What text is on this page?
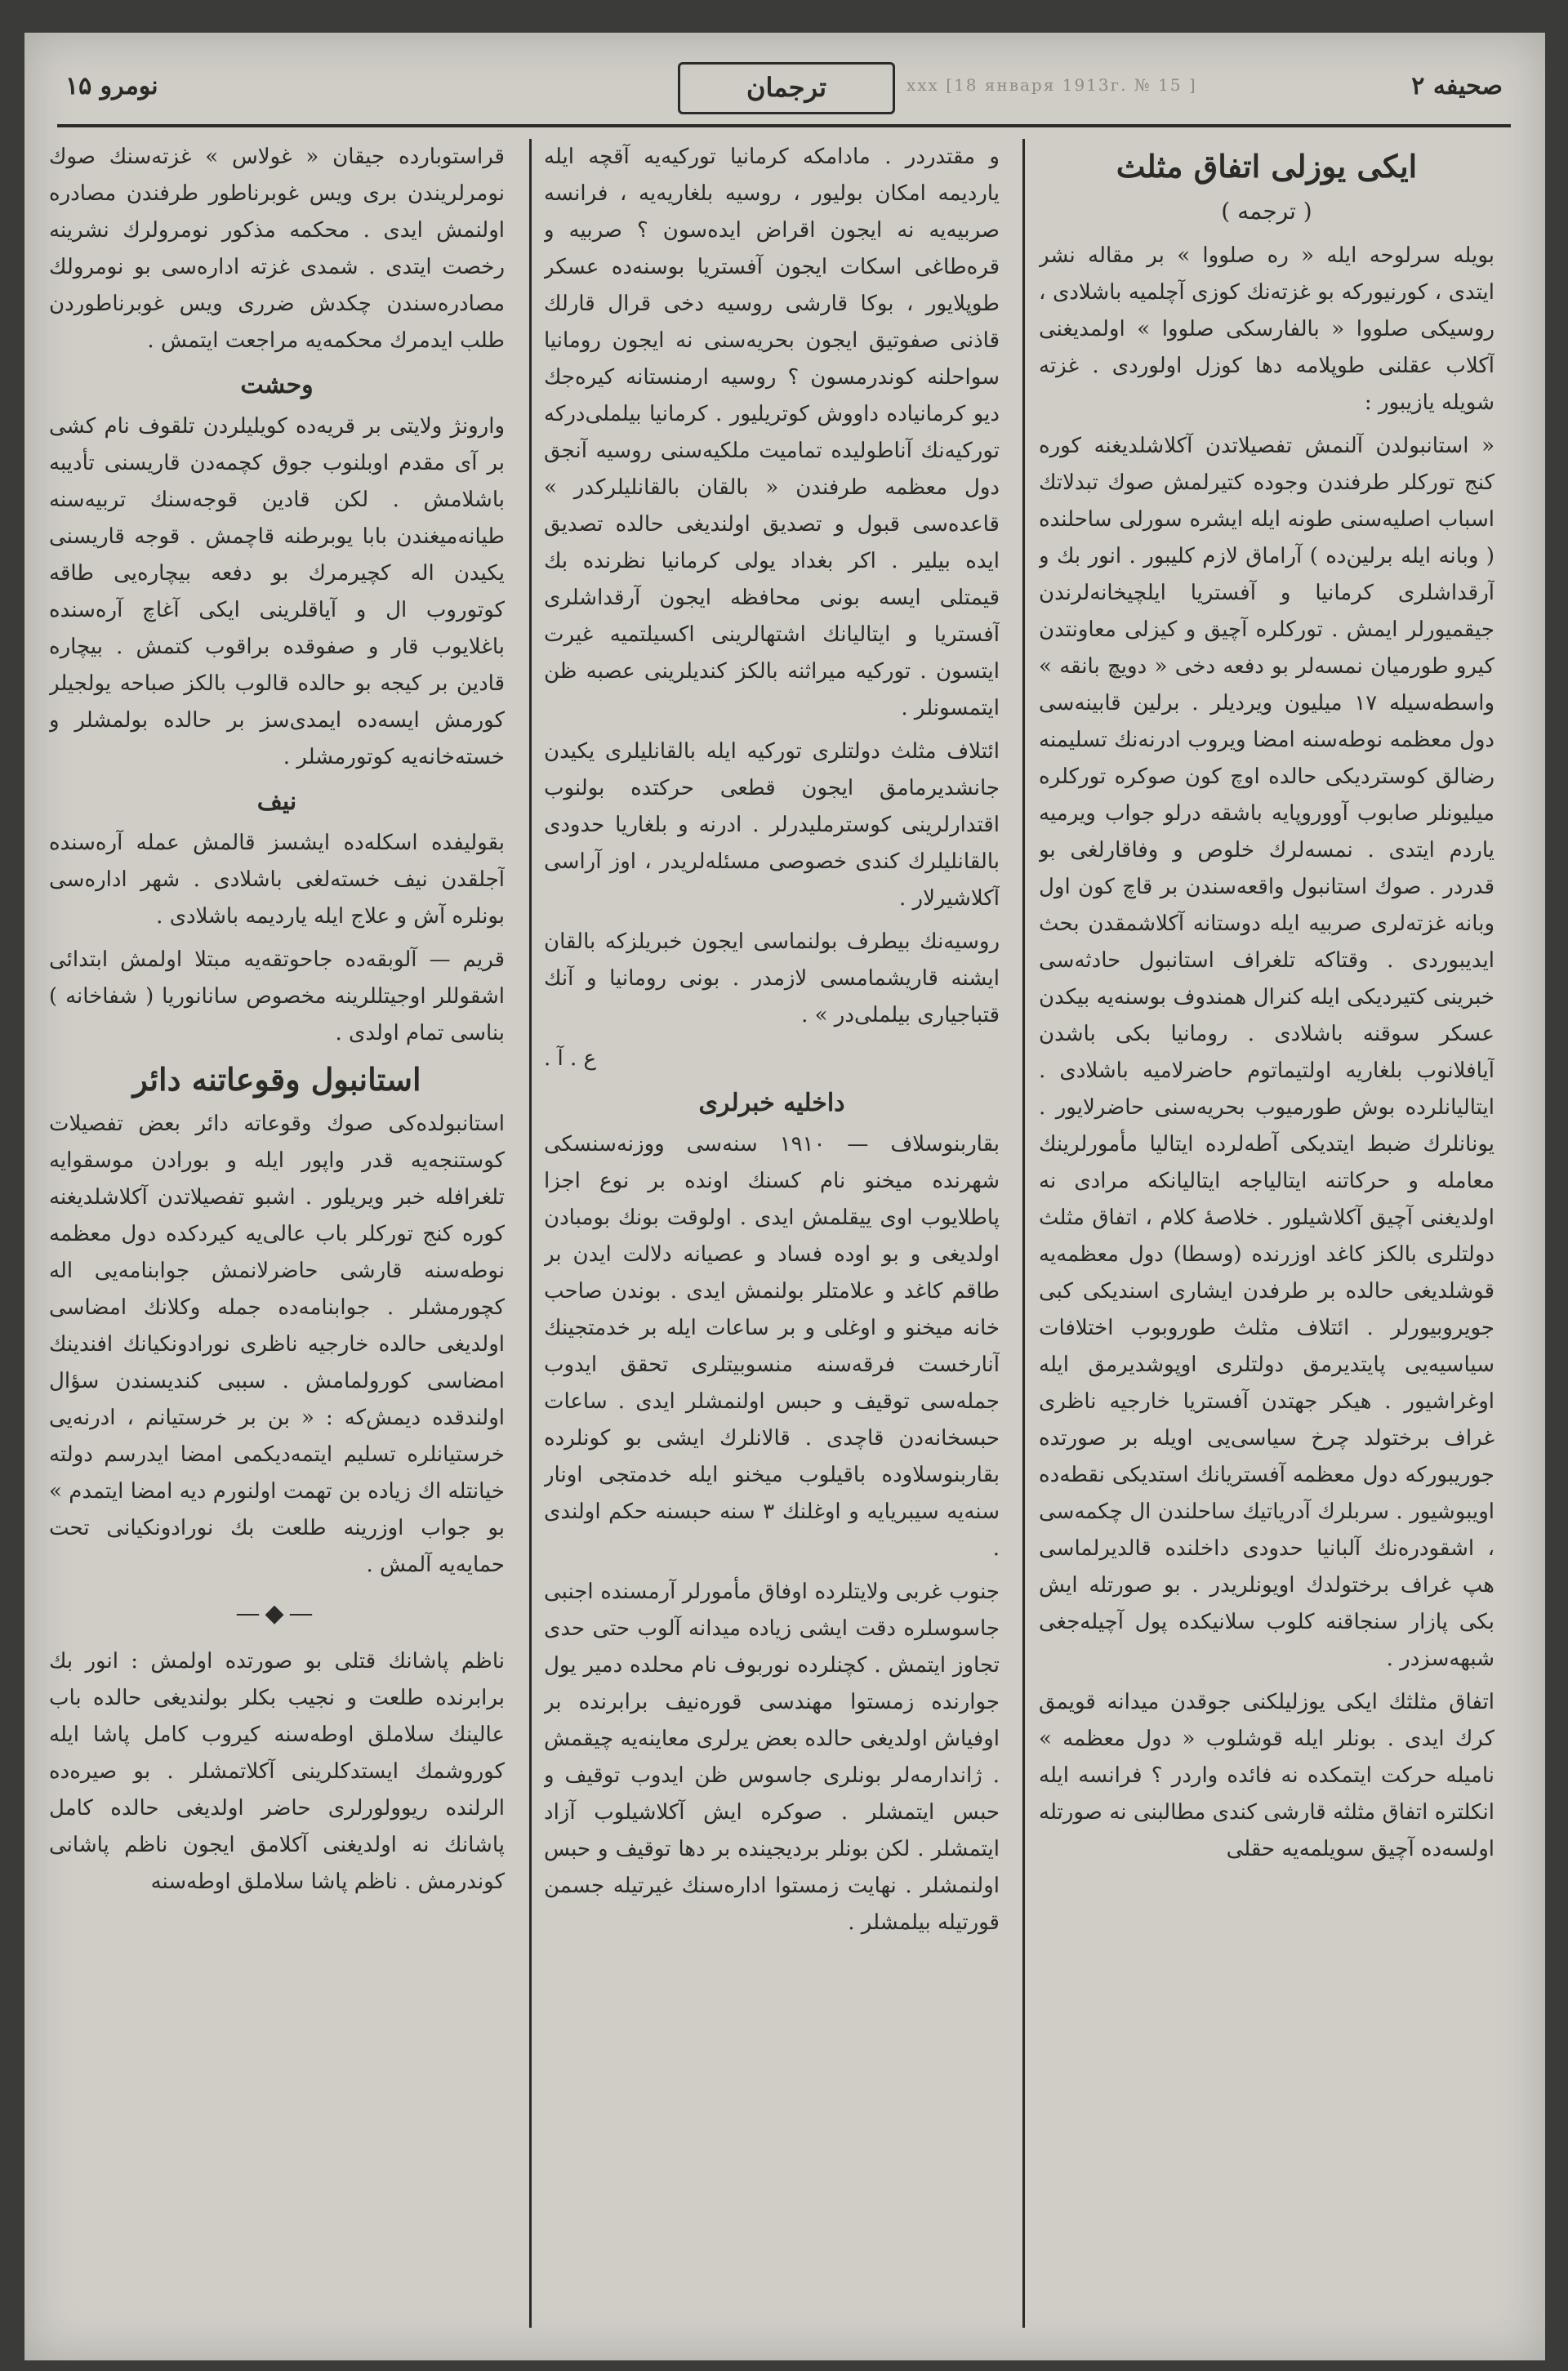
صحیفه ۲
ххх [18 января 1913г. № 15 ]
ترجمان
نومرو ۱۵
ایکی یوزلی اتفاق مثلث
( ترجمه )

بویله سرلوحه ایله « ره صلووا » بر مقاله نشر ایتدی ، کورنیورکه بو غزته‌نك کوزی آچلمیه باشلادی ، روسیکی صلووا « بالفارسکی صلووا » اولمدیغنی آکلاب عقلنی طوپلامه دها کوزل اولوردی . غزته شویله یازیبور :

« استانبولدن آلنمش تفصیلاتدن آکلاشلدیغنه کوره کنج تورکلر طرفندن وجوده کتیرلمش صوك تبدلاتك اسباب اصلیه‌سنی طونه ایله ایشره سورلی ساحلنده ( وبانه ایله برلین‌ده ) آراماق لازم کلیبور . انور بك و آرقداشلری کرمانیا و آفستریا ایلچیخانه‌لرندن جیقمیورلر ایمش . تورکلره آچیق و کیزلی معاونتدن کیرو طورمیان نمسه‌لر بو دفعه دخی « دویچ بانقه » واسطه‌سیله ۱۷ میلیون ویردیلر . برلین قابینه‌سی دول معظمه نوطه‌سنه امضا ویروب ادرنه‌نك تسلیمنه رضالق کوستردیکی حالده اوچ کون صوکره تورکلره میلیونلر صابوب آووروپایه باشقه درلو جواب ویرمیه یاردم ایتدی . نمسه‌لرك خلوص و وفاقارلغی بو قدردر . صوك استانبول واقعه‌سندن بر قاچ کون اول وبانه غزته‌لری صربیه ایله دوستانه آکلاشمقدن بحث ایدیبوردی . وقتاکه تلغراف استانبول حادثه‌سی خبرینی کتیردیکی ایله کنرال همندوف بوسنه‌یه بیکدن عسکر سوقنه باشلادی . رومانیا بکی باشدن آیافلانوب بلغاریه اولتیماتوم حاضرلامیه باشلادی . ایتالیانلرده بوش طورمیوب بحریه‌سنی حاضرلایور . یونانلرك ضبط ایتدیکی آطه‌لرده ایتالیا مأمورلرینك معامله و حرکاتنه ایتالیاجه ایتالیانکه مرادی نه اولدیغنی آچیق آکلاشیلور . خلاصهٔ کلام ، اتفاق مثلث دولتلری بالکز کاغد اوزرنده (وسطا) دول معظمه‌یه قوشلدیغی حالده بر طرفدن ایشاری اسندیکی کبی جویروبیورلر . ائتلاف مثلث طوروبوب اختلافات سیاسیه‌یی پایتدیرمق دولتلری اوپوشدیرمق ایله اوغراشیور . هیکر جهتدن آفستریا خارجیه ناظری غراف برختولد چرخ سیاسی‌یی اویله بر صورتده جوریبورکه دول معظمه آفستریانك استدیکی نقطه‌ده اویبوشیور . سربلرك آدریاتیك ساحلندن ال چکمه‌سی ، اشقودره‌نك آلبانیا حدودی داخلنده قالدیرلماسی هپ غراف برختولدك اویونلریدر . بو صورتله ایش بکی پازار سنجاقنه کلوب سلانیکده پول آچیله‌جغی شبهه‌سزدر .

اتفاق مثلثك ایکی یوزلیلکنی جوقدن میدانه قویمق کرك ایدی . بونلر ایله قوشلوب « دول معظمه » نامیله حرکت ایتمکده نه فائده واردر ؟ فرانسه ایله انکلتره اتفاق مثلثه قارشی کندی مطالبنی نه صورتله اولسه‌ده آچیق سویلمه‌یه حقلی

و مقتدردر . مادامکه کرمانیا تورکیه‌یه آقچه ایله یاردیمه امکان بولیور ، روسیه بلغاریه‌یه ، فرانسه صربیه‌یه نه ایجون اقراض ایده‌سون ؟ صربیه و قره‌طاغی اسکات ایجون آفستریا بوسنه‌ده عسکر طوپلایور ، بوکا قارشی روسیه دخی قرال قارلك قاذنی صفوتیق ایجون بحریه‌سنی نه ایجون رومانیا سواحلنه کوندرمسون ؟ روسیه ارمنستانه کیره‌جك دیو کرمانیاده داووش کوتریلیور . کرمانیا بیلملی‌درکه تورکیه‌نك آناطولیده تمامیت ملکیه‌سنی روسیه آنجق دول معظمه طرفندن « بالقان بالقانلیلرکدر » قاعده‌سی قبول و تصدیق اولندیغی حالده تصدیق ایده بیلیر . اکر بغداد یولی کرمانیا نظرنده بك قیمتلی ایسه بونی محافظه ایجون آرقداشلری آفستریا و ایتالیانك اشتهالرینی اکسیلتمیه غیرت ایتسون . تورکیه میراثنه بالکز کندیلرینی عصبه ظن ایتمسونلر .

ائتلاف مثلث دولتلری تورکیه ایله بالقانلیلری یکیدن جانشدیرمامق ایجون قطعی حرکتده بولنوب اقتدارلرینی کوسترملیدرلر . ادرنه و بلغاریا حدودی بالقانلیلرك کندی خصوصی مسئله‌لریدر ، اوز آراسی آکلاشیرلار .

روسیه‌نك بیطرف بولنماسی ایجون خبریلزکه بالقان ایشنه قاریشمامسی لازمدر . بونی رومانیا و آنك قتباجیاری بیلملی‌در » .

ع . آ .
داخلیه خبرلری

بقاربنوسلاف — ۱۹۱۰ سنه‌سی ووزنه‌سنسکی شهرنده میخنو نام کسنك اونده بر نوع اجزا پاطلایوب اوی ییقلمش ایدی . اولوقت بونك بومبادن اولدیغی و بو اوده فساد و عصیانه دلالت ایدن بر طاقم کاغد و علامتلر بولنمش ایدی . بوندن صاحب خانه میخنو و اوغلی و بر ساعات ایله بر خدمتجینك آنارخست فرقه‌سنه منسوبیتلری تحقق ایدوب جمله‌سی توقیف و حبس اولنمشلر ایدی . ساعات حبسخانه‌دن قاچدی . قالانلرك ایشی بو کونلرده بقاربنوسلاوده باقیلوب میخنو ایله خدمتجی اونار سنه‌یه سیبریایه و اوغلنك ۳ سنه حبسنه حکم اولندی .

جنوب غربی ولایتلرده اوفاق مأمورلر آرمسنده اجنبی جاسوسلره دقت ایشی زیاده میدانه آلوب حتی حدی تجاوز ایتمش . کچنلرده نوربوف نام محلده دمیر یول جوارنده زمستوا مهندسی قوره‌نیف برابرنده بر اوفیاش اولدیغی حالده بعض یرلری معاینه‌یه چیقمش . ژاندارمه‌لر بونلری جاسوس ظن ایدوب توقیف و حبس ایتمشلر . صوکره ایش آکلاشیلوب آزاد ایتمشلر . لکن بونلر بردیجینده بر دها توقیف و حبس اولنمشلر . نهایت زمستوا اداره‌سنك غیرتیله جسمن قورتیله بیلمشلر .

قراستوبارده جیقان « غولاس » غزته‌سنك صوك نومرلریندن بری ویس غوبرناطور طرفندن مصادره اولنمش ایدی . محکمه مذکور نومرولرك نشرینه رخصت ایتدی . شمدی غزته اداره‌سی بو نومرولك مصادره‌سندن چکدش ضرری ویس غوبرناطوردن طلب ایدمرك محکمه‌یه مراجعت ایتمش .

وحشت

وارونژ ولایتی بر قریه‌ده کویلیلردن تلقوف نام کشی بر آی مقدم اوبلنوب جوق کچمه‌دن قاریسنی تأدیبه باشلامش . لکن قادین قوجه‌سنك تربیه‌سنه طیانه‌میغندن بابا یوبرطنه قاچمش . قوجه قاریسنی یکیدن اله کچیرمرك بو دفعه بیچاره‌یی طاقه کوتوروب ال و آیاقلرینی ایکی آغاچ آره‌سنده باغلایوب قار و صفوقده براقوب کتمش . بیچاره قادین بر کیجه بو حالده قالوب بالکز صباحه یولجیلر کورمش ایسه‌ده ایمدی‌سز بر حالده بولمشلر و خسته‌خانه‌یه کوتورمشلر .

نیف

بقولیفده اسکله‌ده ایشسز قالمش عمله آره‌سنده آجلقدن نیف خسته‌لغی باشلادی . شهر اداره‌سی بونلره آش و علاج ایله یاردیمه باشلادی .

قریم — آلوبقه‌ده جاحوتقه‌یه مبتلا اولمش ابتدائی اشقوللر اوجیتللرینه مخصوص سانانوریا ( شفاخانه ) بناسی تمام اولدی .

استانبول وقوعاتنه دائر

استانبولده‌کی صوك وقوعاته دائر بعض تفصیلات کوستنجه‌یه قدر واپور ایله و بورادن موسقوایه تلغرافله خبر ویریلور . اشبو تفصیلاتدن آکلاشلدیغنه کوره کنج تورکلر باب عالی‌یه کیردکده دول معظمه نوطه‌سنه قارشی حاضرلانمش جوابنامه‌یی اله کچورمشلر . جوابنامه‌ده جمله وکلانك امضاسی اولدیغی حالده خارجیه ناظری نورادونکیانك افندینك امضاسی کورولمامش . سببی کندیسندن سؤال اولندقده دیمش‌که : « بن بر خرستیانم ، ادرنه‌یی خرستیانلره تسلیم ایتمه‌دیکمی امضا ایدرسم دولته خیانتله اك زیاده بن تهمت اولنورم دیه امضا ایتمدم » بو جواب اوزرینه طلعت بك نورادونکیانی تحت حمایه‌یه آلمش .

—◆—

ناظم پاشانك قتلی بو صورتده اولمش : انور بك برابرنده طلعت و نجیب بکلر بولندیغی حالده باب عالینك سلاملق اوطه‌سنه کیروب کامل پاشا ایله کوروشمك ایستدکلرینی آکلاتمشلر . بو صیره‌ده الرلنده ریوولورلری حاضر اولدیغی حالده کامل پاشانك نه اولدیغنی آکلامق ایجون ناظم پاشانی کوندرمش . ناظم پاشا سلاملق اوطه‌سنه
